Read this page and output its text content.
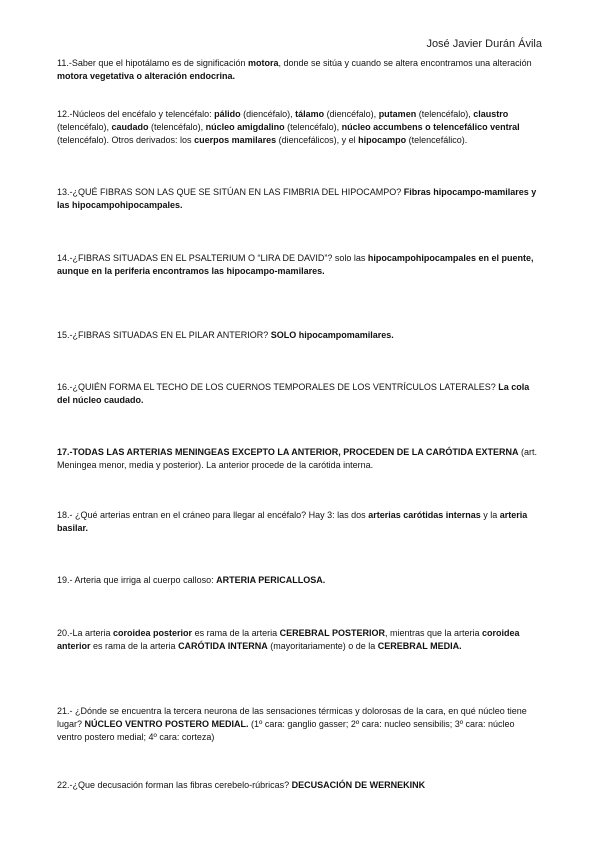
José Javier Durán Ávila

11.-Saber que el hipotálamo es de significación motora, donde se sitúa y cuando se altera encontramos una alteración motora vegetativa o alteración endocrina.

12.-Núcleos del encéfalo y telencéfalo: pálido (diencéfalo), tálamo (diencéfalo), putamen (telencéfalo), claustro (telencéfalo), caudado (telencéfalo), núcleo amigdalino (telencéfalo), núcleo accumbens o telencefálico ventral (telencéfalo). Otros derivados: los cuerpos mamilares (diencefálicos), y el hipocampo (telencefálico).

13.-¿QUÉ FIBRAS SON LAS QUE SE SITÚAN EN LAS FIMBRIA DEL HIPOCAMPO? Fibras hipocampo-mamilares y las hipocampohipocampales.

14.-¿FIBRAS SITUADAS EN EL PSALTERIUM O “LIRA DE DAVID”? solo las hipocampohipocampales en el puente, aunque en la periferia encontramos las hipocampo-mamilares.

15.-¿FIBRAS SITUADAS EN EL PILAR ANTERIOR? SOLO hipocampomamilares.

16.-¿QUIÉN FORMA EL TECHO DE LOS CUERNOS TEMPORALES DE LOS VENTRÍCULOS LATERALES? La cola del núcleo caudado.

17.-TODAS LAS ARTERIAS MENINGEAS EXCEPTO LA ANTERIOR, PROCEDEN DE LA CARÓTIDA EXTERNA (art. Meningea menor, media y posterior). La anterior procede de la carótida interna.

18.- ¿Qué arterias entran en el cráneo para llegar al encéfalo? Hay 3: las dos arterias carótidas internas y la arteria basilar.

19.- Arteria que irriga al cuerpo calloso: ARTERIA PERICALLOSA.

20.-La arteria coroidea posterior es rama de la arteria CEREBRAL POSTERIOR, mientras que la arteria coroidea anterior es rama de la arteria CARÓTIDA INTERNA (mayoritariamente) o de la CEREBRAL MEDIA.

21.- ¿Dónde se encuentra la tercera neurona de las sensaciones térmicas y dolorosas de la cara, en qué núcleo tiene lugar? NÚCLEO VENTRO POSTERO MEDIAL. (1º cara: ganglio gasser; 2º cara: nucleo sensibilis; 3º cara: núcleo ventro postero medial; 4º cara: corteza)

22.-¿Que decusación forman las fibras cerebelo-rúbricas? DECUSACIÓN DE WERNEKINK
